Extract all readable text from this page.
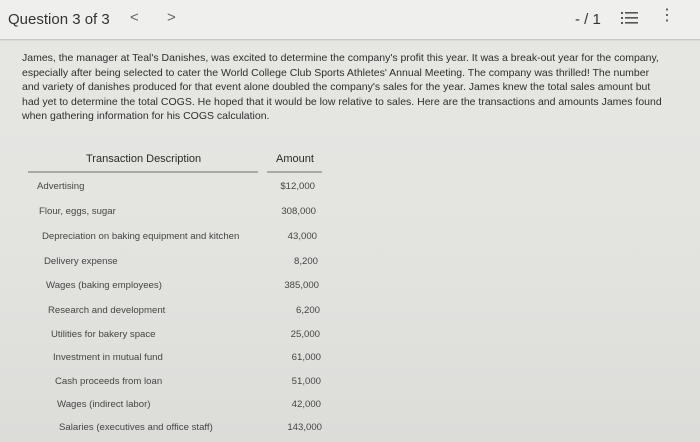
Question 3 of 3 < >	- / 1	⋮

James, the manager at Teal's Danishes, was excited to determine the company's profit this year. It was a break-out year for the company, especially after being selected to cater the World College Club Sports Athletes' Annual Meeting. The company was thrilled! The number and variety of danishes produced for that event alone doubled the company's sales for the year. James knew the total sales amount but had yet to determine the total COGS. He hoped that it would be low relative to sales. Here are the transactions and amounts James found when gathering information for his COGS calculation.

Transaction Description	Amount
Advertising	$12,000
Flour, eggs, sugar	308,000
Depreciation on baking equipment and kitchen	43,000
Delivery expense	8,200
Wages (baking employees)	385,000
Research and development	6,200
Utilities for bakery space	25,000
Investment in mutual fund	61,000
Cash proceeds from loan	51,000
Wages (indirect labor)	42,000
Salaries (executives and office staff)	143,000
